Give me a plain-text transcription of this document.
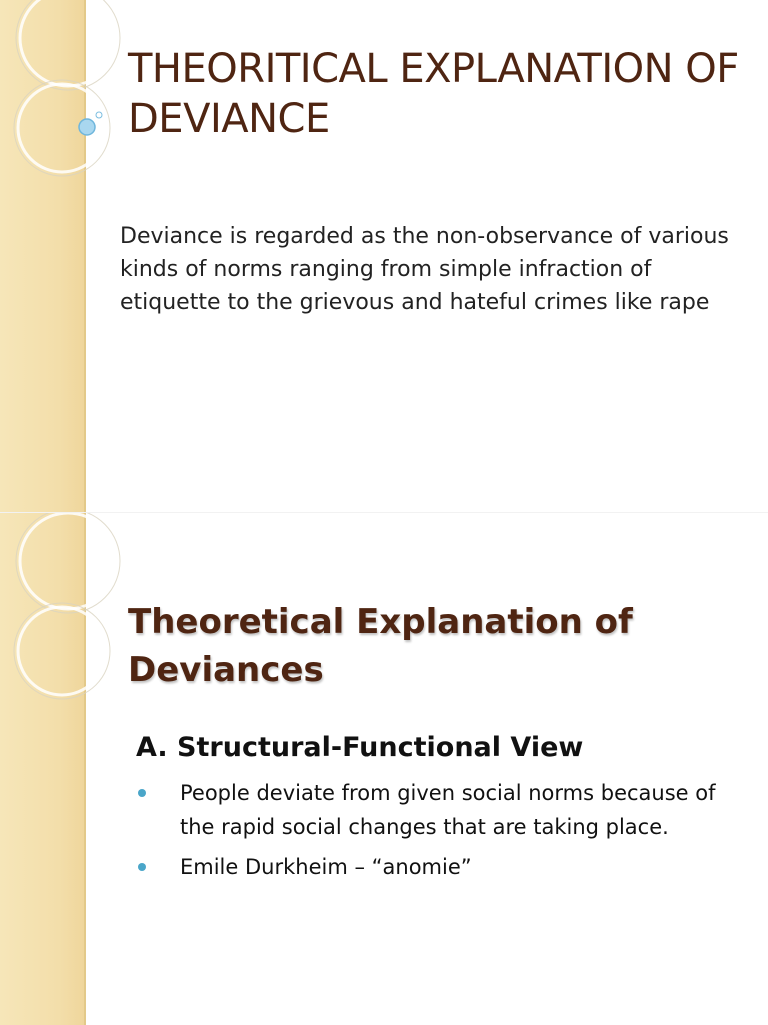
THEORITICAL EXPLANATION OF DEVIANCE

Deviance is regarded as the non-observance of various kinds of norms ranging from simple infraction of etiquette to the grievous and hateful crimes like rape

Theoretical Explanation of Deviances
A. Structural-Functional View
People deviate from given social norms because of the rapid social changes that are taking place.
Emile Durkheim – “anomie”
